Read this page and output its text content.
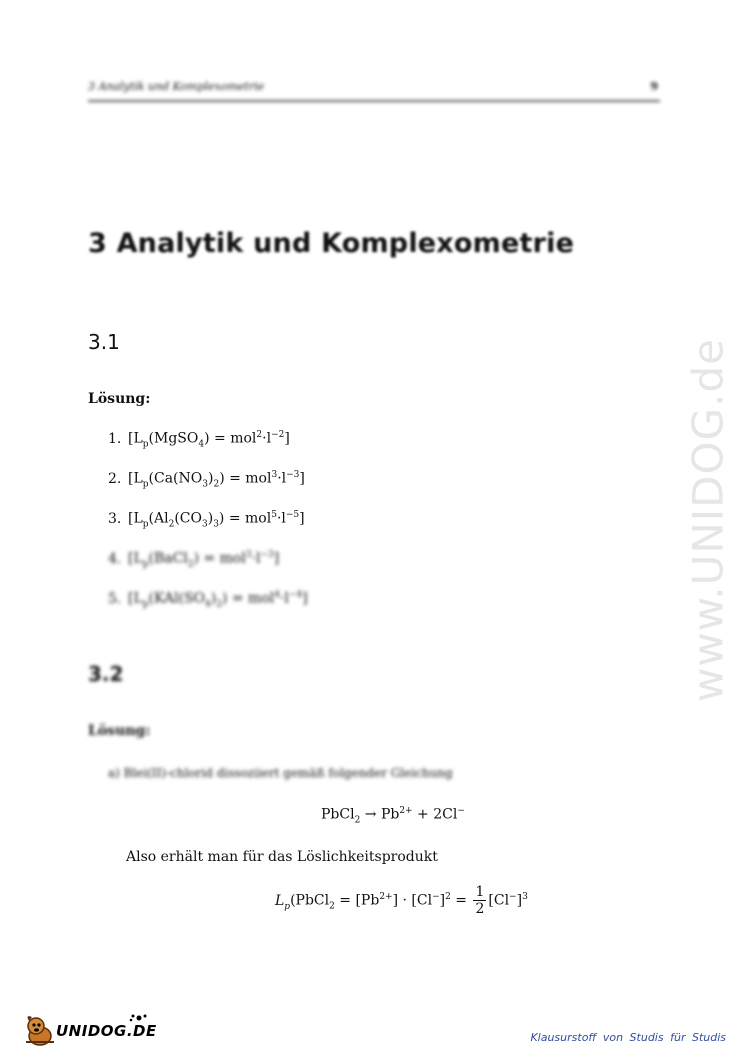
3 Analytik und Komplexometrie	9
3 Analytik und Komplexometrie
3.1
Lösung:
1. $[L_p(MgSO_4) = mol^2\cdot l^{-2}]$
2. $[L_p(Ca(NO_3)_2) = mol^3\cdot l^{-3}]$
3. $[L_p(Al_2(CO_3)_3) = mol^5\cdot l^{-5}]$
4. $[L_p(BaCl_2) = mol^3\cdot l^{-3}]$
5. $[L_p(KAl(SO_4)_2) = mol^4\cdot l^{-4}]$
3.2
Lösung:
a) Blei(II)-chlorid dissoziiert gemäß folgender Gleichung
PbCl$_2$ → $Pb^{2+} + 2Cl^-$
Also erhält man für das Löslichkeitsprodukt
$L_p(PbCl_2 = [Pb^{2+}] \cdot [Cl^-]^2 = \frac{1}{2} [Cl^-]^3$
www.UNIDOG.de
UNIDOG.DE	Klausurstoff von Studis für Studis
